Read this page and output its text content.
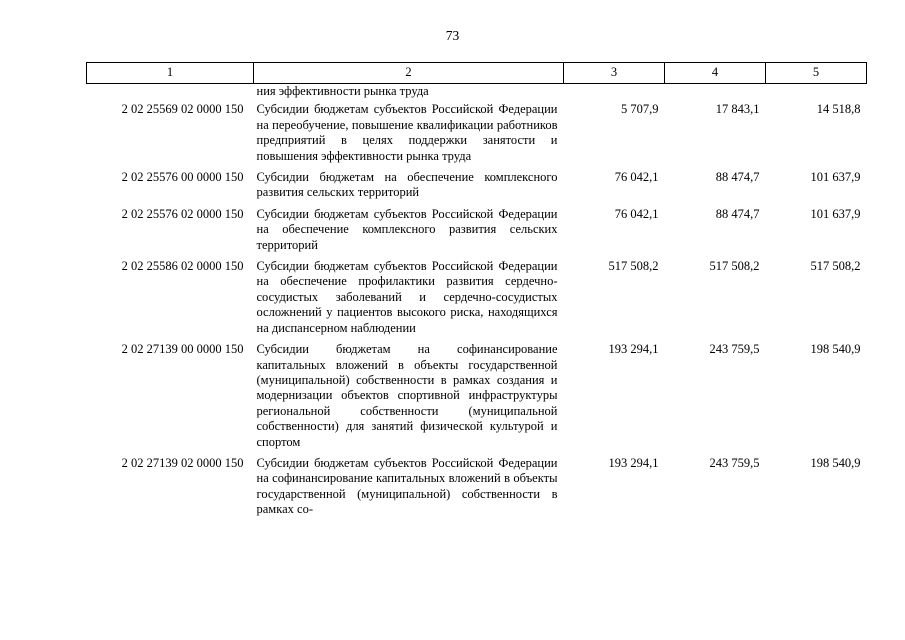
73
1	2	3	4	5
	ния эффективности рынка труда			
2 02 25569 02 0000 150	Субсидии бюджетам субъектов Российской Федерации на переобучение, повышение квалификации работников предприятий в целях поддержки занятости и повышения эффективности рынка труда	5 707,9	17 843,1	14 518,8
2 02 25576 00 0000 150	Субсидии бюджетам на обеспечение комплексного развития сельских территорий	76 042,1	88 474,7	101 637,9
2 02 25576 02 0000 150	Субсидии бюджетам субъектов Российской Федерации на обеспечение комплексного развития сельских территорий	76 042,1	88 474,7	101 637,9
2 02 25586 02 0000 150	Субсидии бюджетам субъектов Российской Федерации на обеспечение профилактики развития сердечно-сосудистых заболеваний и сердечно-сосудистых осложнений у пациентов высокого риска, находящихся на диспансерном наблюдении	517 508,2	517 508,2	517 508,2
2 02 27139 00 0000 150	Субсидии бюджетам на софинансирование капитальных вложений в объекты государственной (муниципальной) собственности в рамках создания и модернизации объектов спортивной инфраструктуры региональной собственности (муниципальной собственности) для занятий физической культурой и спортом	193 294,1	243 759,5	198 540,9
2 02 27139 02 0000 150	Субсидии бюджетам субъектов Российской Федерации на софинансирование капитальных вложений в объекты государственной (муниципальной) собственности в рамках со-	193 294,1	243 759,5	198 540,9
